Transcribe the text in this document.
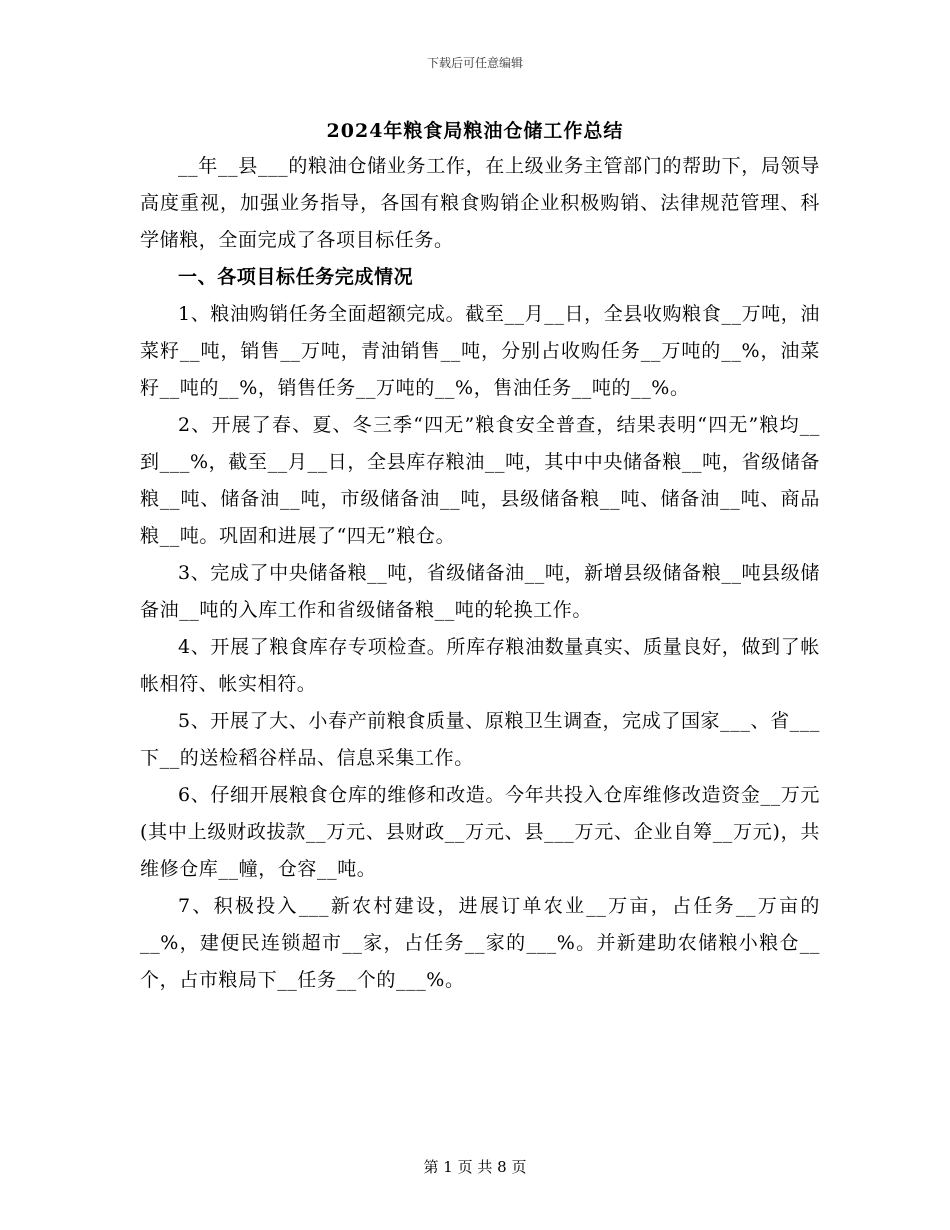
下载后可任意编辑
2024年粮食局粮油仓储工作总结

__年__县___的粮油仓储业务工作，在上级业务主管部门的帮助下，局领导高度重视，加强业务指导，各国有粮食购销企业积极购销、法律规范管理、科学储粮，全面完成了各项目标任务。

一、各项目标任务完成情况

1、粮油购销任务全面超额完成。截至__月__日，全县收购粮食__万吨，油菜籽__吨，销售__万吨，青油销售__吨，分别占收购任务__万吨的__%，油菜籽__吨的__%，销售任务__万吨的__%，售油任务__吨的__%。

2、开展了春、夏、冬三季“四无”粮食安全普查，结果表明“四无”粮均__到___%，截至__月__日，全县库存粮油__吨，其中中央储备粮__吨，省级储备粮__吨、储备油__吨，市级储备油__吨，县级储备粮__吨、储备油__吨、商品粮__吨。巩固和进展了“四无”粮仓。

3、完成了中央储备粮__吨，省级储备油__吨，新增县级储备粮__吨县级储备油__吨的入库工作和省级储备粮__吨的轮换工作。

4、开展了粮食库存专项检查。所库存粮油数量真实、质量良好，做到了帐帐相符、帐实相符。

5、开展了大、小春产前粮食质量、原粮卫生调查，完成了国家___、省___下__的送检稻谷样品、信息采集工作。

6、仔细开展粮食仓库的维修和改造。今年共投入仓库维修改造资金__万元(其中上级财政拔款__万元、县财政__万元、县___万元、企业自筹__万元)，共维修仓库__幢，仓容__吨。

7、积极投入___新农村建设，进展订单农业__万亩，占任务__万亩的__%，建便民连锁超市__家，占任务__家的___%。并新建助农储粮小粮仓__个，占市粮局下__任务__个的___%。

第 1 页 共 8 页
